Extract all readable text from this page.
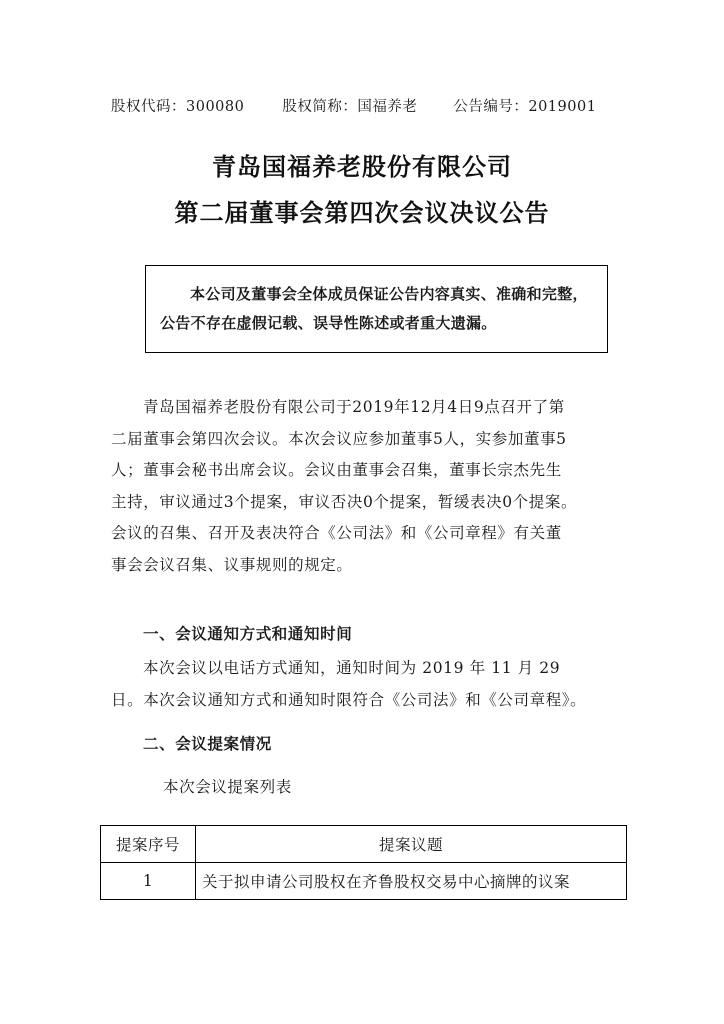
股权代码：300080	股权简称：国福养老 公告编号：2019001
青岛国福养老股份有限公司
第二届董事会第四次会议决议公告
本公司及董事会全体成员保证公告内容真实、准确和完整，
公告不存在虚假记载、误导性陈述或者重大遗漏。
青岛国福养老股份有限公司于2019年12月4日9点召开了第
二届董事会第四次会议。本次会议应参加董事5人，实参加董事5
人；董事会秘书出席会议。会议由董事会召集，董事长宗杰先生
主持，审议通过3个提案，审议否决0个提案，暂缓表决0个提案。
会议的召集、召开及表决符合《公司法》和《公司章程》有关董
事会会议召集、议事规则的规定。
一、会议通知方式和通知时间
本次会议以电话方式通知，通知时间为 2019 年 11 月 29
日。本次会议通知方式和通知时限符合《公司法》和《公司章程》。
二、会议提案情况
本次会议提案列表
提案序号	提案议题
1	关于拟申请公司股权在齐鲁股权交易中心摘牌的议案
